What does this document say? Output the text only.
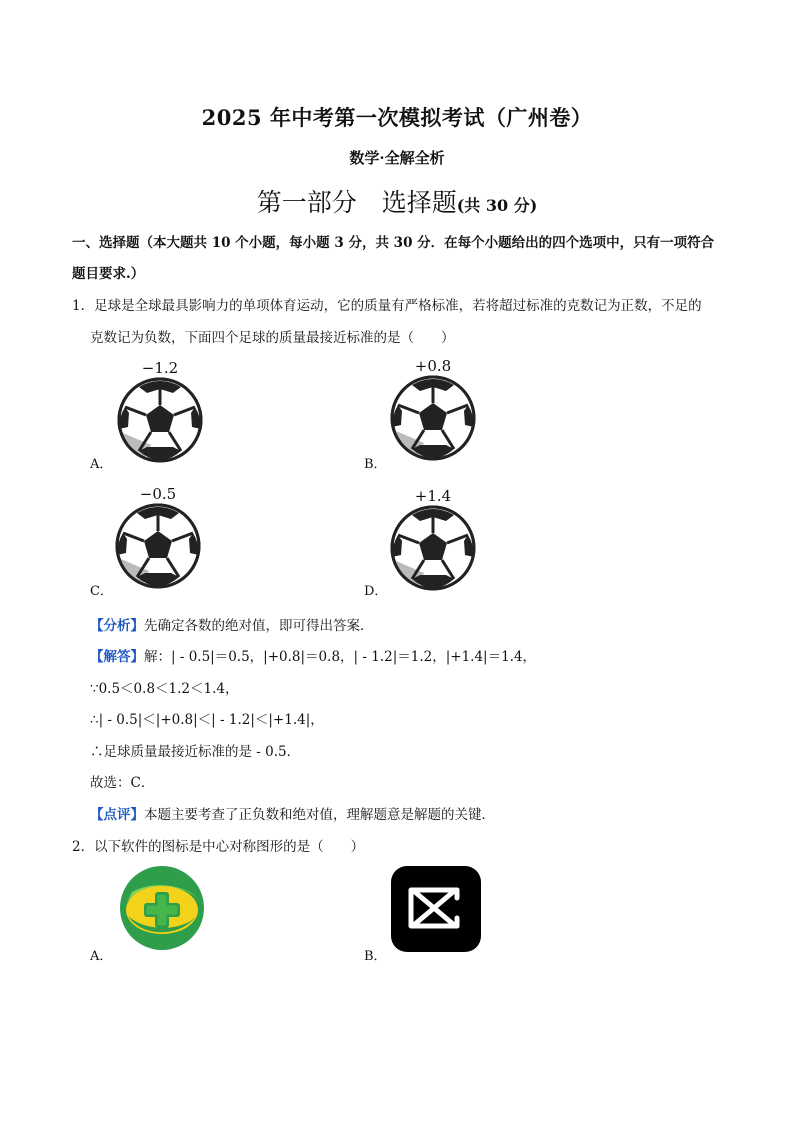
2025 年中考第一次模拟考试（广州卷）
数学·全解全析
第一部分　选择题(共 30 分)
一、选择题（本大题共 10 个小题，每小题 3 分，共 30 分．在每个小题给出的四个选项中，只有一项符合
题目要求.）
1．足球是全球最具影响力的单项体育运动，它的质量有严格标准，若将超过标准的克数记为正数，不足的
克数记为负数，下面四个足球的质量最接近标准的是（　　）
−1.2
A．
+0.8
B．
−0.5
C．
+1.4
D．
【分析】先确定各数的绝对值，即可得出答案．
【解答】解：| - 0.5|＝0.5，|+0.8|＝0.8，| - 1.2|＝1.2，|+1.4|＝1.4，
∵0.5＜0.8＜1.2＜1.4，
∴| - 0.5|＜|+0.8|＜| - 1.2|＜|+1.4|，
∴足球质量最接近标准的是 - 0.5．
故选：C．
【点评】本题主要考查了正负数和绝对值，理解题意是解题的关键．
2．以下软件的图标是中心对称图形的是（　　）
A．	B．
